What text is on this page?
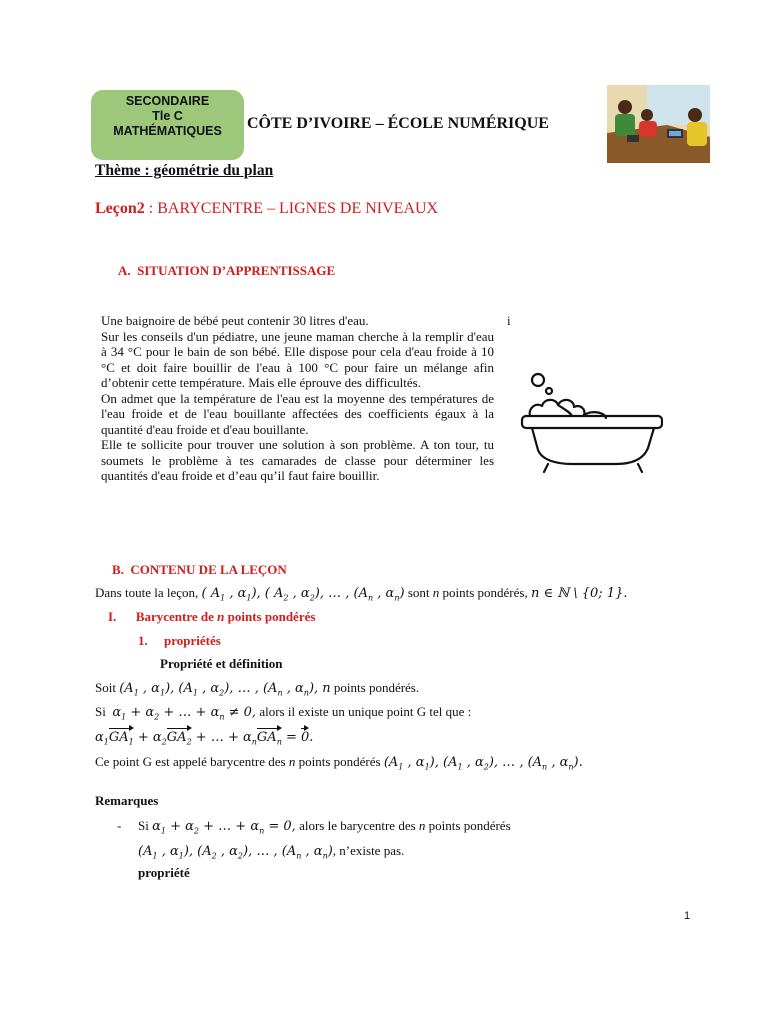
SECONDAIRE
Tle C
MATHÉMATIQUES	CÔTE D’IVOIRE – ÉCOLE NUMÉRIQUE
Thème : géométrie du plan
Leçon2 : BARYCENTRE – LIGNES DE NIVEAUX
A. SITUATION D’APPRENTISSAGE

Une baignoire de bébé peut contenir 30 litres d'eau.

Sur les conseils d'un pédiatre, une jeune maman cherche à la remplir d'eau à 34 °C pour le bain de son bébé. Elle dispose pour cela d'eau froide à 10 °C et doit faire bouillir de l'eau à 100 °C pour faire un mélange afin d’obtenir cette température. Mais elle éprouve des difficultés.

On admet que la température de l'eau est la moyenne des températures de l'eau froide et de l'eau bouillante affectées des coefficients égaux à la quantité d'eau froide et d'eau bouillante.

Elle te sollicite pour trouver une solution à son problème. A ton tour, tu soumets le problème à tes camarades de classe pour déterminer les quantités d'eau froide et d’eau qu’il faut faire bouillir.

i
B. CONTENU DE LA LEÇON
Dans toute la leçon, ( $A_1$ , $\alpha_1$), ( $A_2$ , $\alpha_2$), … , ($A_n$ , $\alpha_n$) sont n points pondérés, n ∈ ℕ \ {0; 1}.
I. Barycentre de n points pondérés
1. propriétés
Propriété et définition
Soit ($A_1$ , $\alpha_1$), ($A_1$ , $\alpha_2$), … , ($A_n$ , $\alpha_n$), n points pondérés.
Si $\alpha_1 + \alpha_2$ + … + $\alpha_n \ne 0$, alors il existe un unique point G tel que :
$\alpha_1GA_1 + \alpha_2GA_2$ + … + $\alpha_nGA_n = 0$.
Ce point G est appelé barycentre des n points pondérés ($A_1$ , $\alpha_1$), ($A_1$ , $\alpha_2$), … , ($A_n$ , $\alpha_n$).
Remarques
- Si $\alpha_1 + \alpha_2$ + … + $\alpha_n = 0$, alors le barycentre des n points pondérés
($A_1$ , $\alpha_1$), ($A_2$ , $\alpha_2$), … , ($A_n$ , $\alpha_n$), n’existe pas.
propriété
1
